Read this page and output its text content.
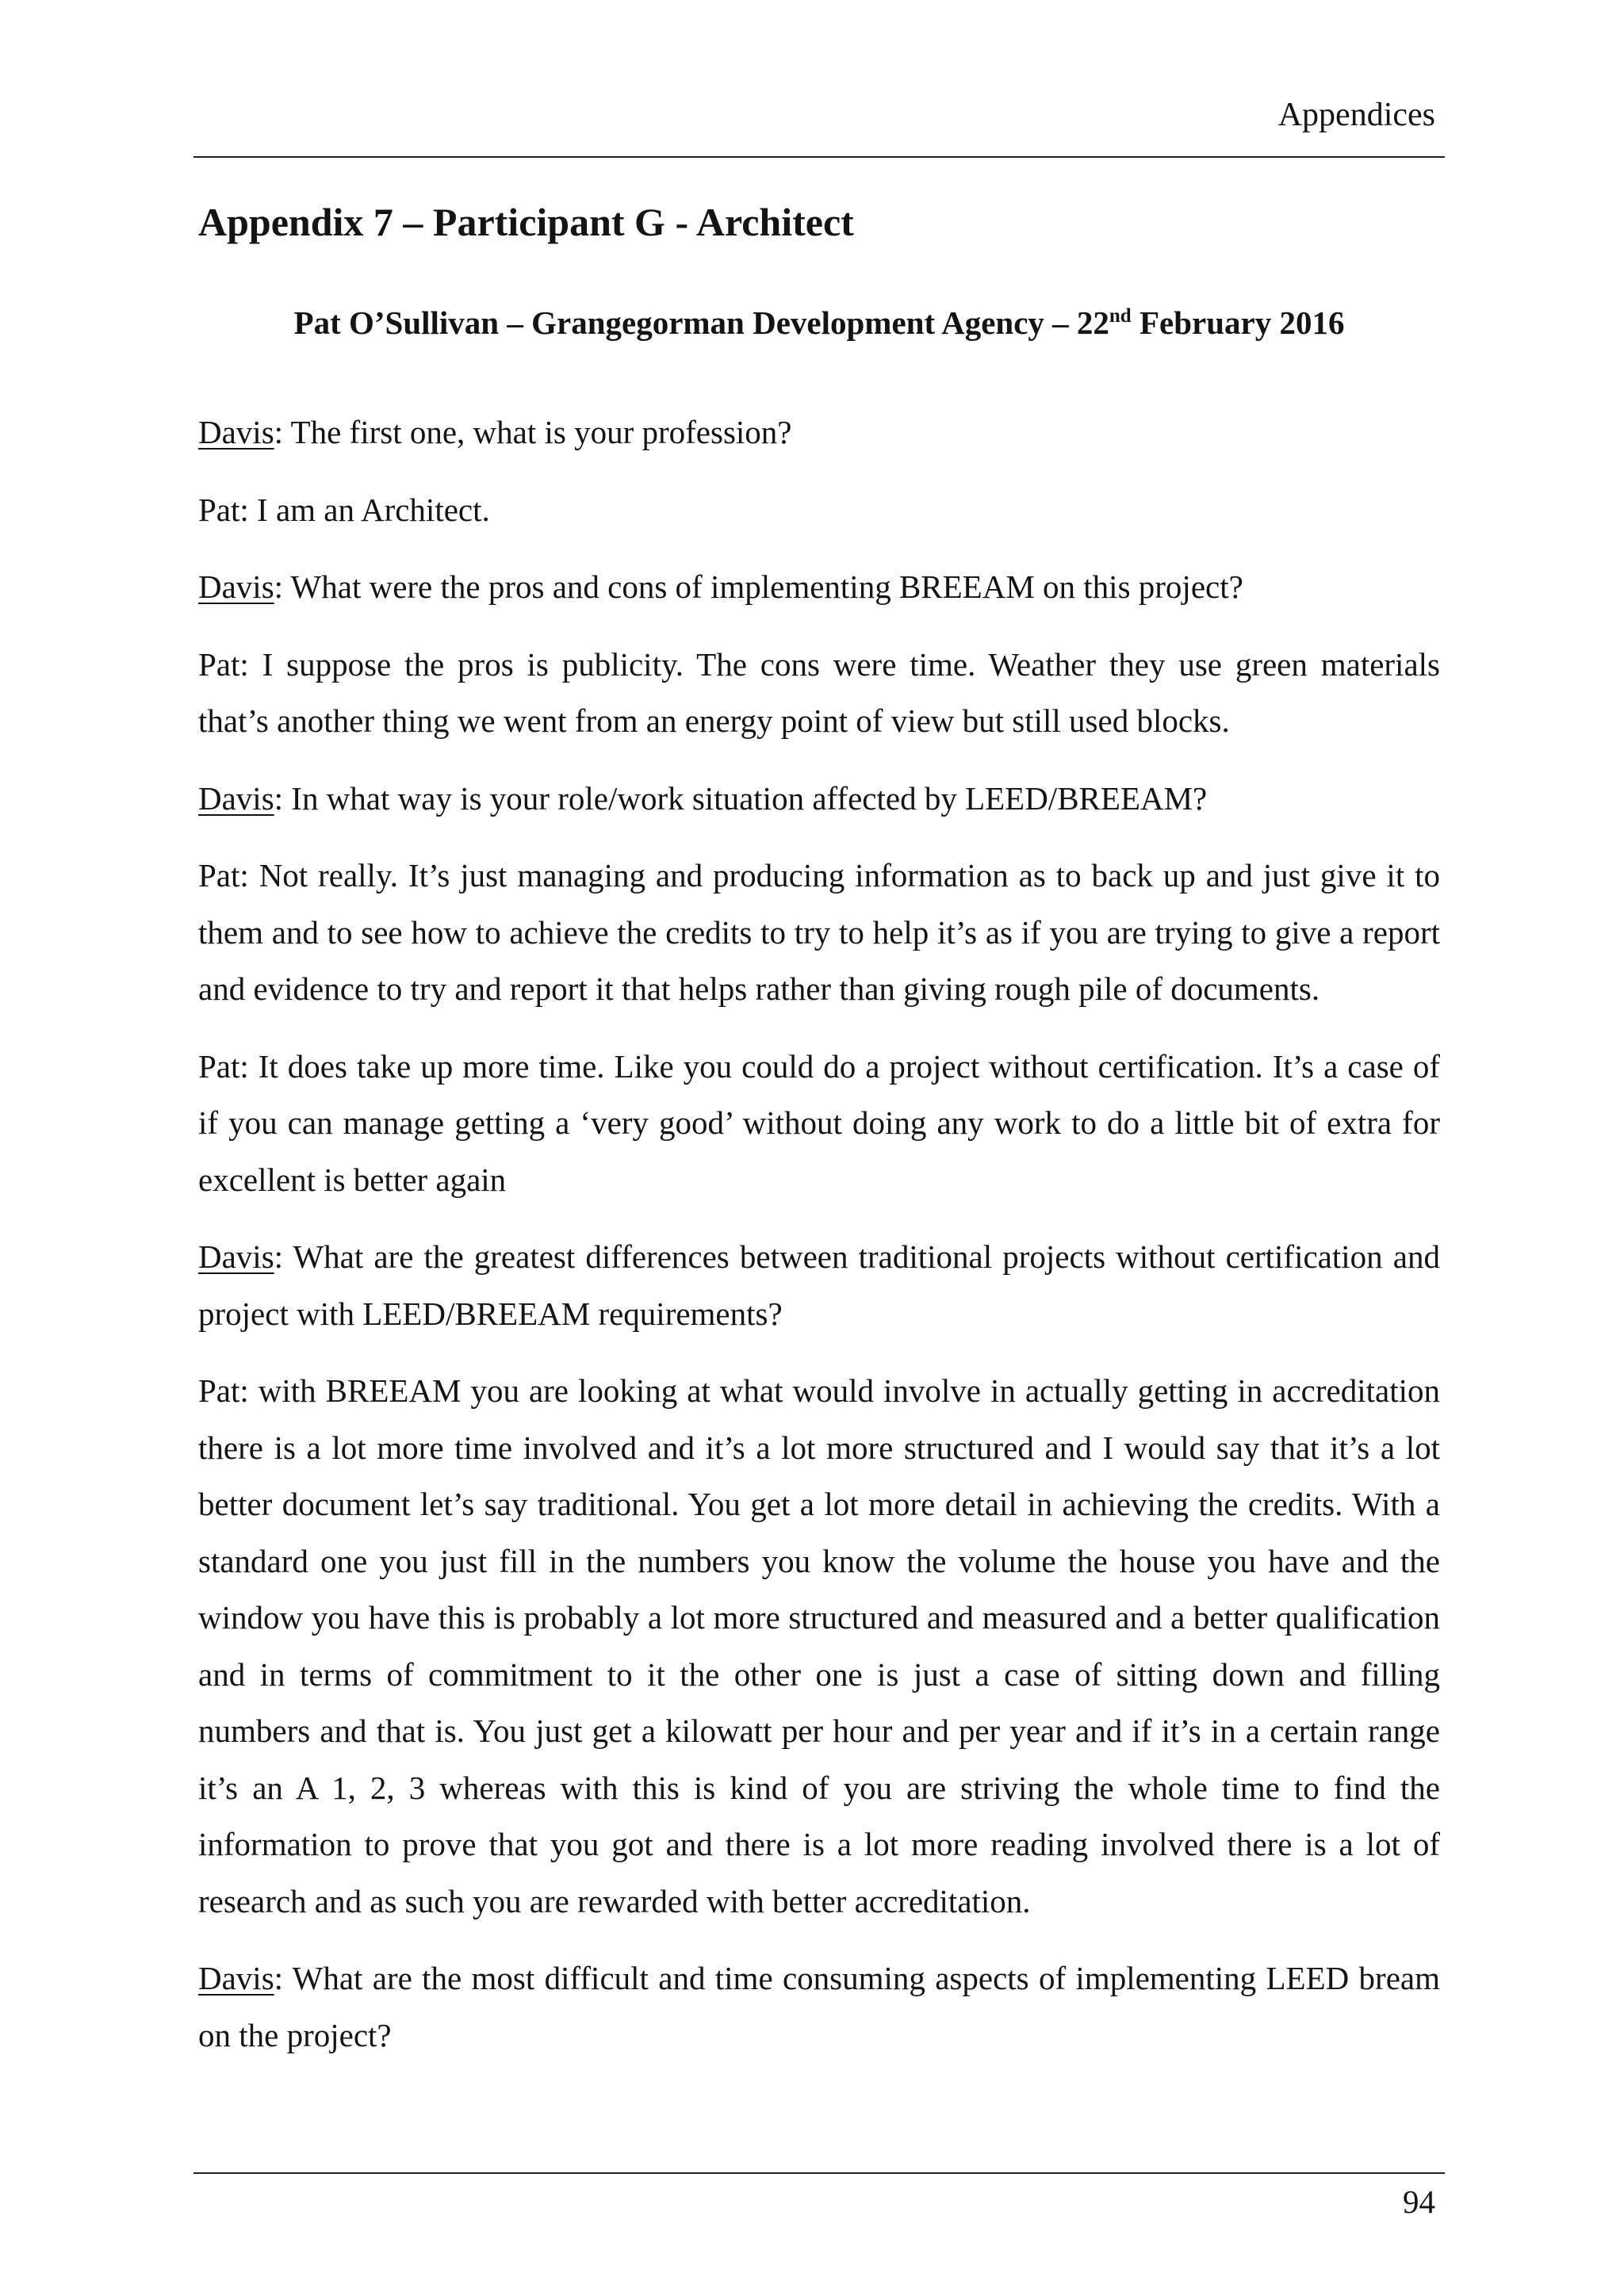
Appendices
Appendix 7 – Participant G - Architect
Pat O’Sullivan – Grangegorman Development Agency – 22nd February 2016

Davis: The first one, what is your profession?

Pat: I am an Architect.

Davis: What were the pros and cons of implementing BREEAM on this project?

Pat: I suppose the pros is publicity. The cons were time. Weather they use green materials that’s another thing we went from an energy point of view but still used blocks.

Davis: In what way is your role/work situation affected by LEED/BREEAM?

Pat: Not really. It’s just managing and producing information as to back up and just give it to them and to see how to achieve the credits to try to help it’s as if you are trying to give a report and evidence to try and report it that helps rather than giving rough pile of documents.

Pat: It does take up more time. Like you could do a project without certification. It’s a case of if you can manage getting a ‘very good’ without doing any work to do a little bit of extra for excellent is better again

Davis: What are the greatest differences between traditional projects without certification and project with LEED/BREEAM requirements?

Pat: with BREEAM you are looking at what would involve in actually getting in accreditation there is a lot more time involved and it’s a lot more structured and I would say that it’s a lot better document let’s say traditional. You get a lot more detail in achieving the credits. With a standard one you just fill in the numbers you know the volume the house you have and the window you have this is probably a lot more structured and measured and a better qualification and in terms of commitment to it the other one is just a case of sitting down and filling numbers and that is. You just get a kilowatt per hour and per year and if it’s in a certain range it’s an A 1, 2, 3 whereas with this is kind of you are striving the whole time to find the information to prove that you got and there is a lot more reading involved there is a lot of research and as such you are rewarded with better accreditation.

Davis: What are the most difficult and time consuming aspects of implementing LEED bream on the project?

94
